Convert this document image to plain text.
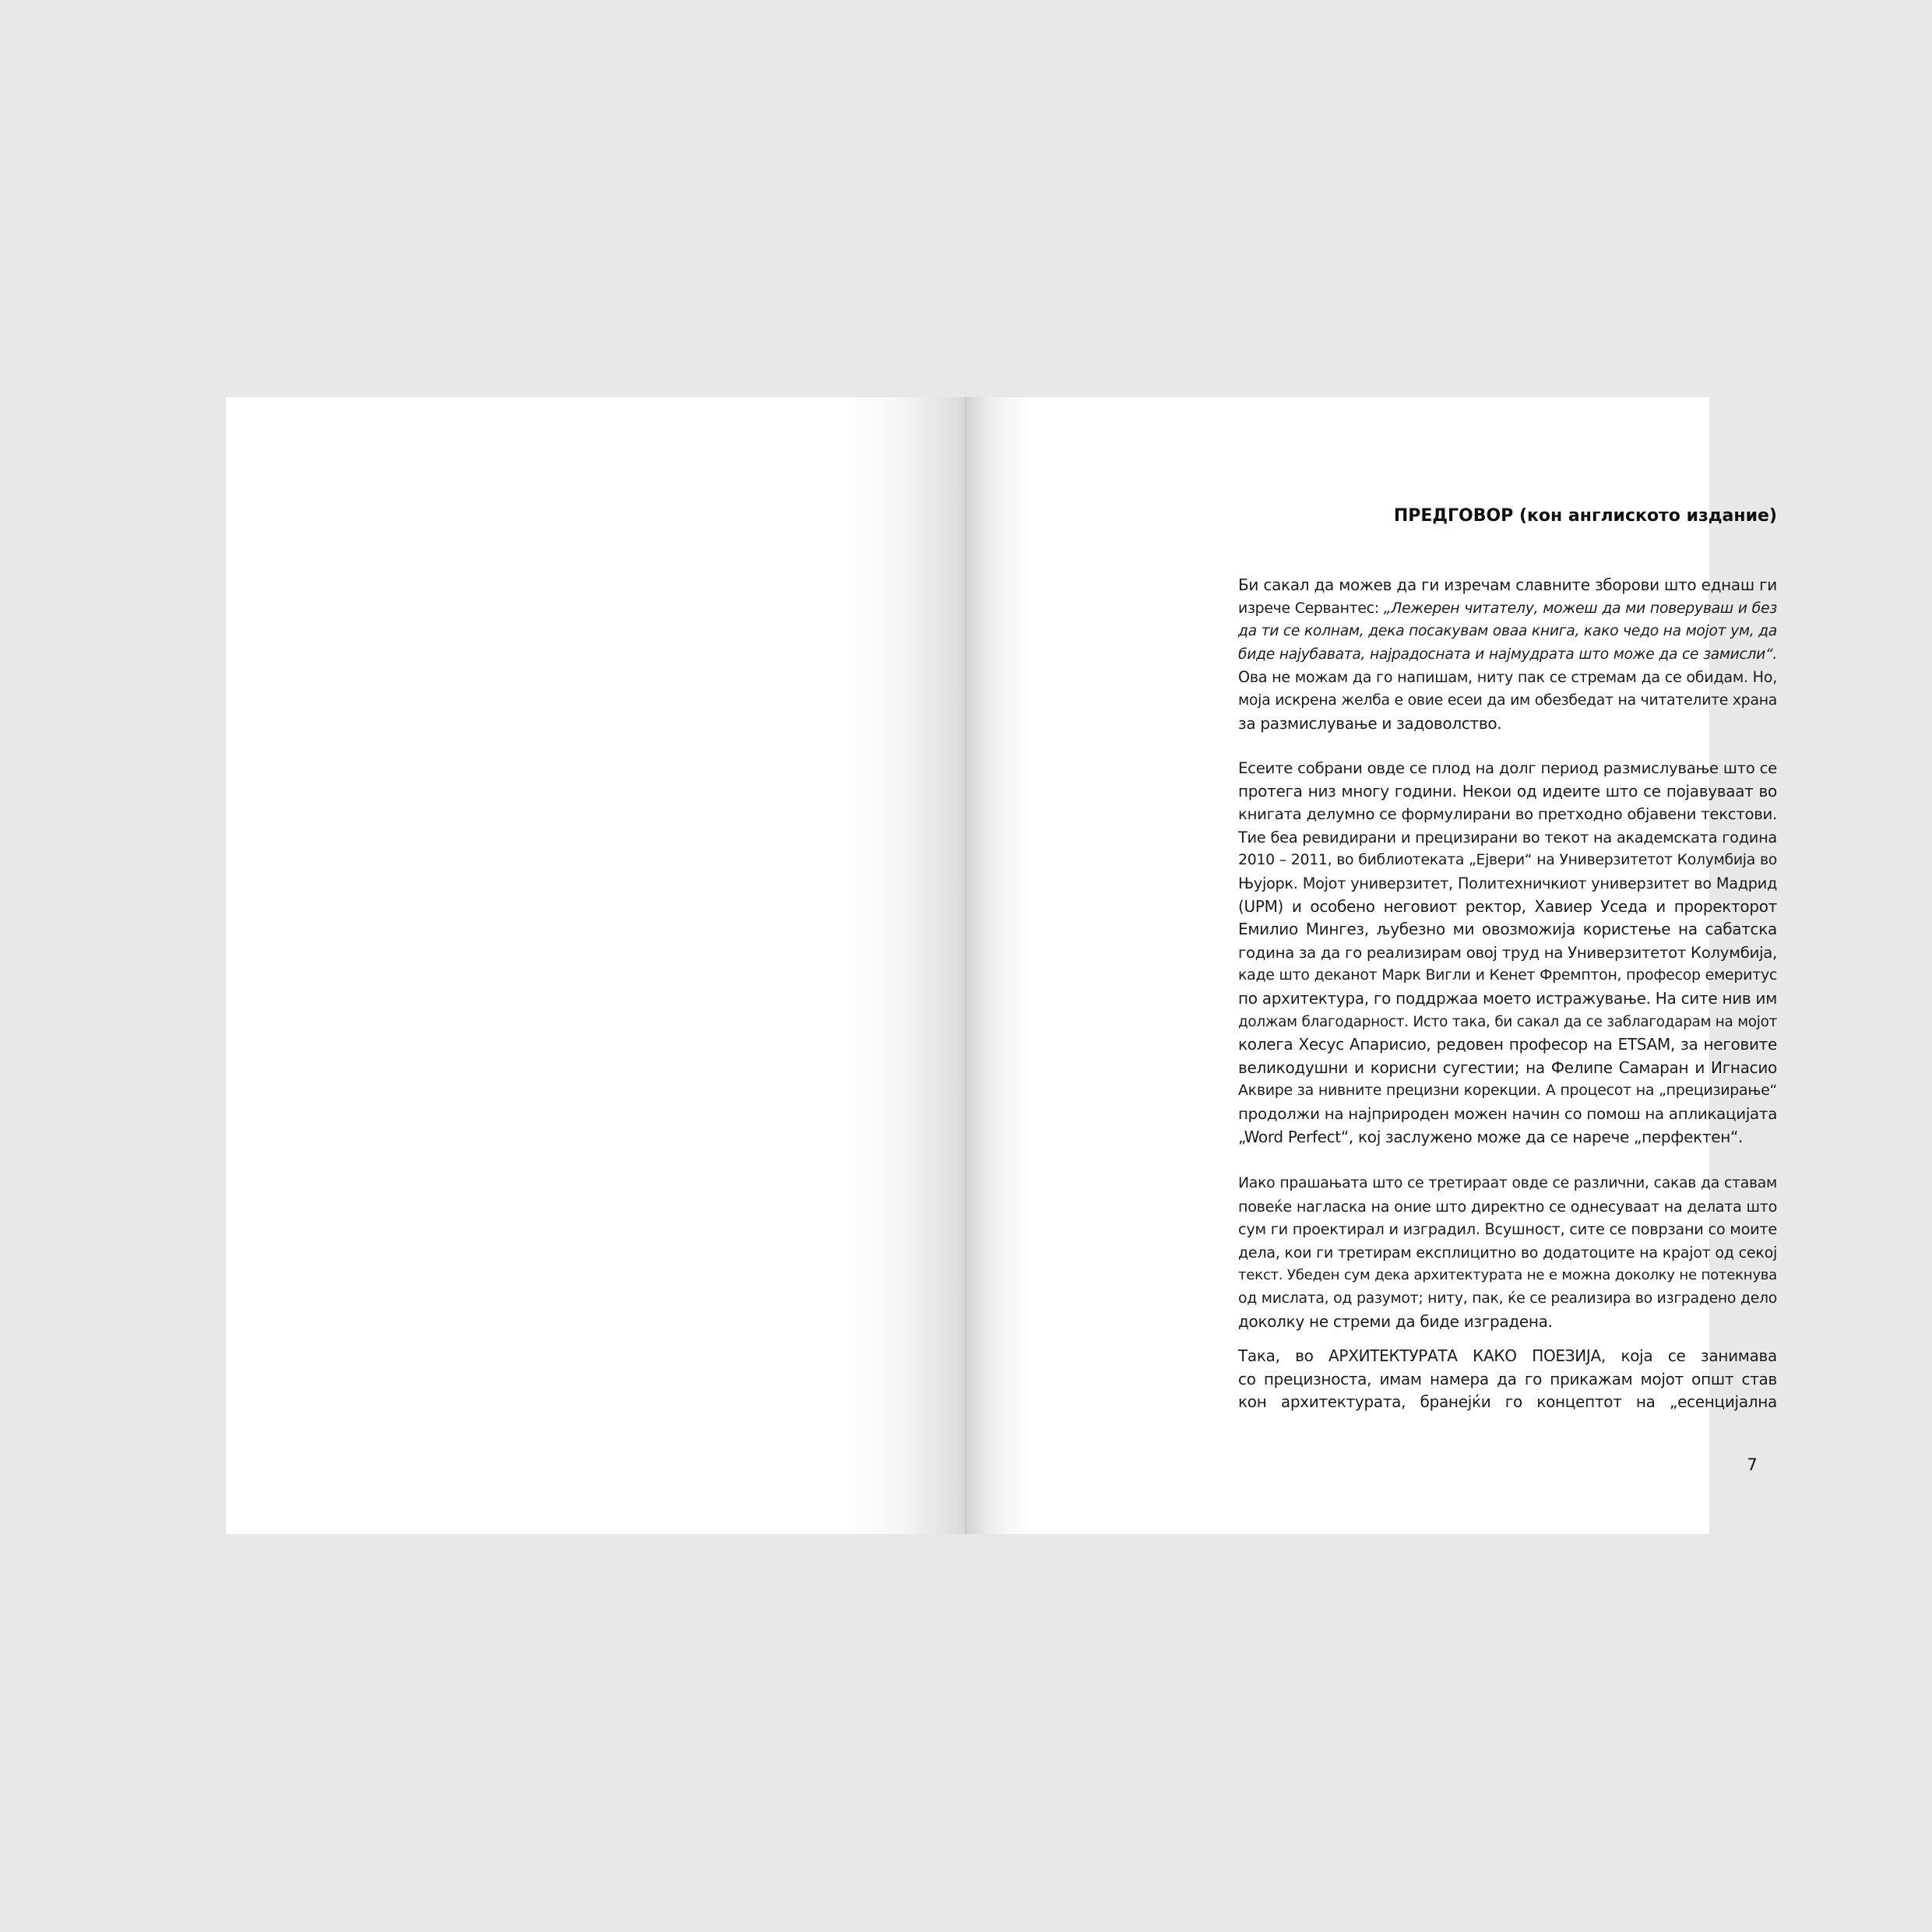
ПРЕДГОВОР (кон англиското издание)

Би сакал да можев да ги изречам славните зборови што еднаш ги
изрече Сервантес: „Лежерен читателу, можеш да ми поверуваш и без
да ти се колнам, дека посакувам оваа книга, како чедо на мојот ум, да
биде најубавата, најрадосната и најмудрата што може да се замисли“.
Ова не можам да го напишам, ниту пак се стремам да се обидам. Но,
моја искрена желба е овие есеи да им обезбедат на читателите храна
за размислување и задоволство.

Есеите собрани овде се плод на долг период размислување што се
протега низ многу години. Некои од идеите што се појавуваат во
книгата делумно се формулирани во претходно објавени текстови.
Тие беа ревидирани и прецизирани во текот на академската година
2010 – 2011, во библиотеката „Ејвери“ на Универзитетот Колумбија во
Њујорк. Мојот универзитет, Политехничкиот универзитет во Мадрид
(UPM) и особено неговиот ректор, Хавиер Уседа и проректорот
Емилио Мингез, љубезно ми овозможија користење на сабатска
година за да го реализирам овој труд на Универзитетот Колумбија,
каде што деканот Марк Вигли и Кенет Фремптон, професор емеритус
по архитектура, го поддржаа моето истражување. На сите нив им
должам благодарност. Исто така, би сакал да се заблагодарам на мојот
колега Хесус Апарисио, редовен професор на ETSAM, за неговите
великодушни и корисни сугестии; на Фелипе Самаран и Игнасио
Аквире за нивните прецизни корекции. А процесот на „прецизирање“
продолжи на најприроден можен начин со помош на апликацијата
„Word Perfect“, кој заслужено може да се нарече „перфектен“.

Иако прашањата што се третираат овде се различни, сакав да ставам
повеќе нагласка на оние што директно се однесуваат на делата што
сум ги проектирал и изградил. Всушност, сите се поврзани со моите
дела, кои ги третирам експлицитно во додатоците на крајот од секој
текст. Убеден сум дека архитектурата не е можна доколку не потекнува
од мислата, од разумот; ниту, пак, ќе се реализира во изградено дело
доколку не стреми да биде изградена.

Така, во АРХИТЕКТУРАТА КАКО ПОЕЗИЈА, која се занимава
со прецизноста, имам намера да го прикажам мојот општ став
кон архитектурата, бранејќи го концептот на „есенцијална

7
